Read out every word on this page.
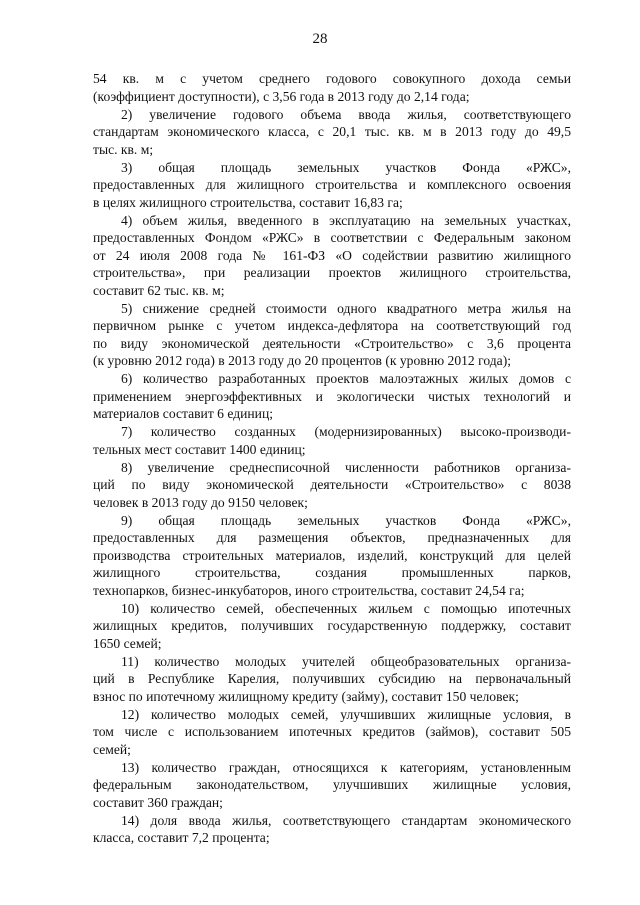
28
54 кв. м с учетом среднего годового совокупного дохода семьи
(коэффициент доступности), с 3,56 года в 2013 году до 2,14 года;
2) увеличение годового объема ввода жилья, соответствующего
стандартам экономического класса, с 20,1 тыс. кв. м в 2013 году до 49,5
тыс. кв. м;
3) общая площадь земельных участков Фонда «РЖС»,
предоставленных для жилищного строительства и комплексного освоения
в целях жилищного строительства, составит 16,83 га;
4) объем жилья, введенного в эксплуатацию на земельных участках,
предоставленных Фондом «РЖС» в соответствии с Федеральным законом
от 24 июля 2008 года № 161-ФЗ «О содействии развитию жилищного
строительства», при реализации проектов жилищного строительства,
составит 62 тыс. кв. м;
5) снижение средней стоимости одного квадратного метра жилья на
первичном рынке с учетом индекса-дефлятора на соответствующий год
по виду экономической деятельности «Строительство» с 3,6 процента
(к уровню 2012 года) в 2013 году до 20 процентов (к уровню 2012 года);
6) количество разработанных проектов малоэтажных жилых домов с
применением энергоэффективных и экологически чистых технологий и
материалов составит 6 единиц;
7) количество созданных (модернизированных) высоко-производи-
тельных мест составит 1400 единиц;
8) увеличение среднесписочной численности работников организа-
ций по виду экономической деятельности «Строительство» с 8038
человек в 2013 году до 9150 человек;
9) общая площадь земельных участков Фонда «РЖС»,
предоставленных для размещения объектов, предназначенных для
производства строительных материалов, изделий, конструкций для целей
жилищного строительства, создания промышленных парков,
технопарков, бизнес-инкубаторов, иного строительства, составит 24,54 га;
10) количество семей, обеспеченных жильем с помощью ипотечных
жилищных кредитов, получивших государственную поддержку, составит
1650 семей;
11) количество молодых учителей общеобразовательных организа-
ций в Республике Карелия, получивших субсидию на первоначальный
взнос по ипотечному жилищному кредиту (займу), составит 150 человек;
12) количество молодых семей, улучшивших жилищные условия, в
том числе с использованием ипотечных кредитов (займов), составит 505
семей;
13) количество граждан, относящихся к категориям, установленным
федеральным законодательством, улучшивших жилищные условия,
составит 360 граждан;
14) доля ввода жилья, соответствующего стандартам экономического
класса, составит 7,2 процента;
